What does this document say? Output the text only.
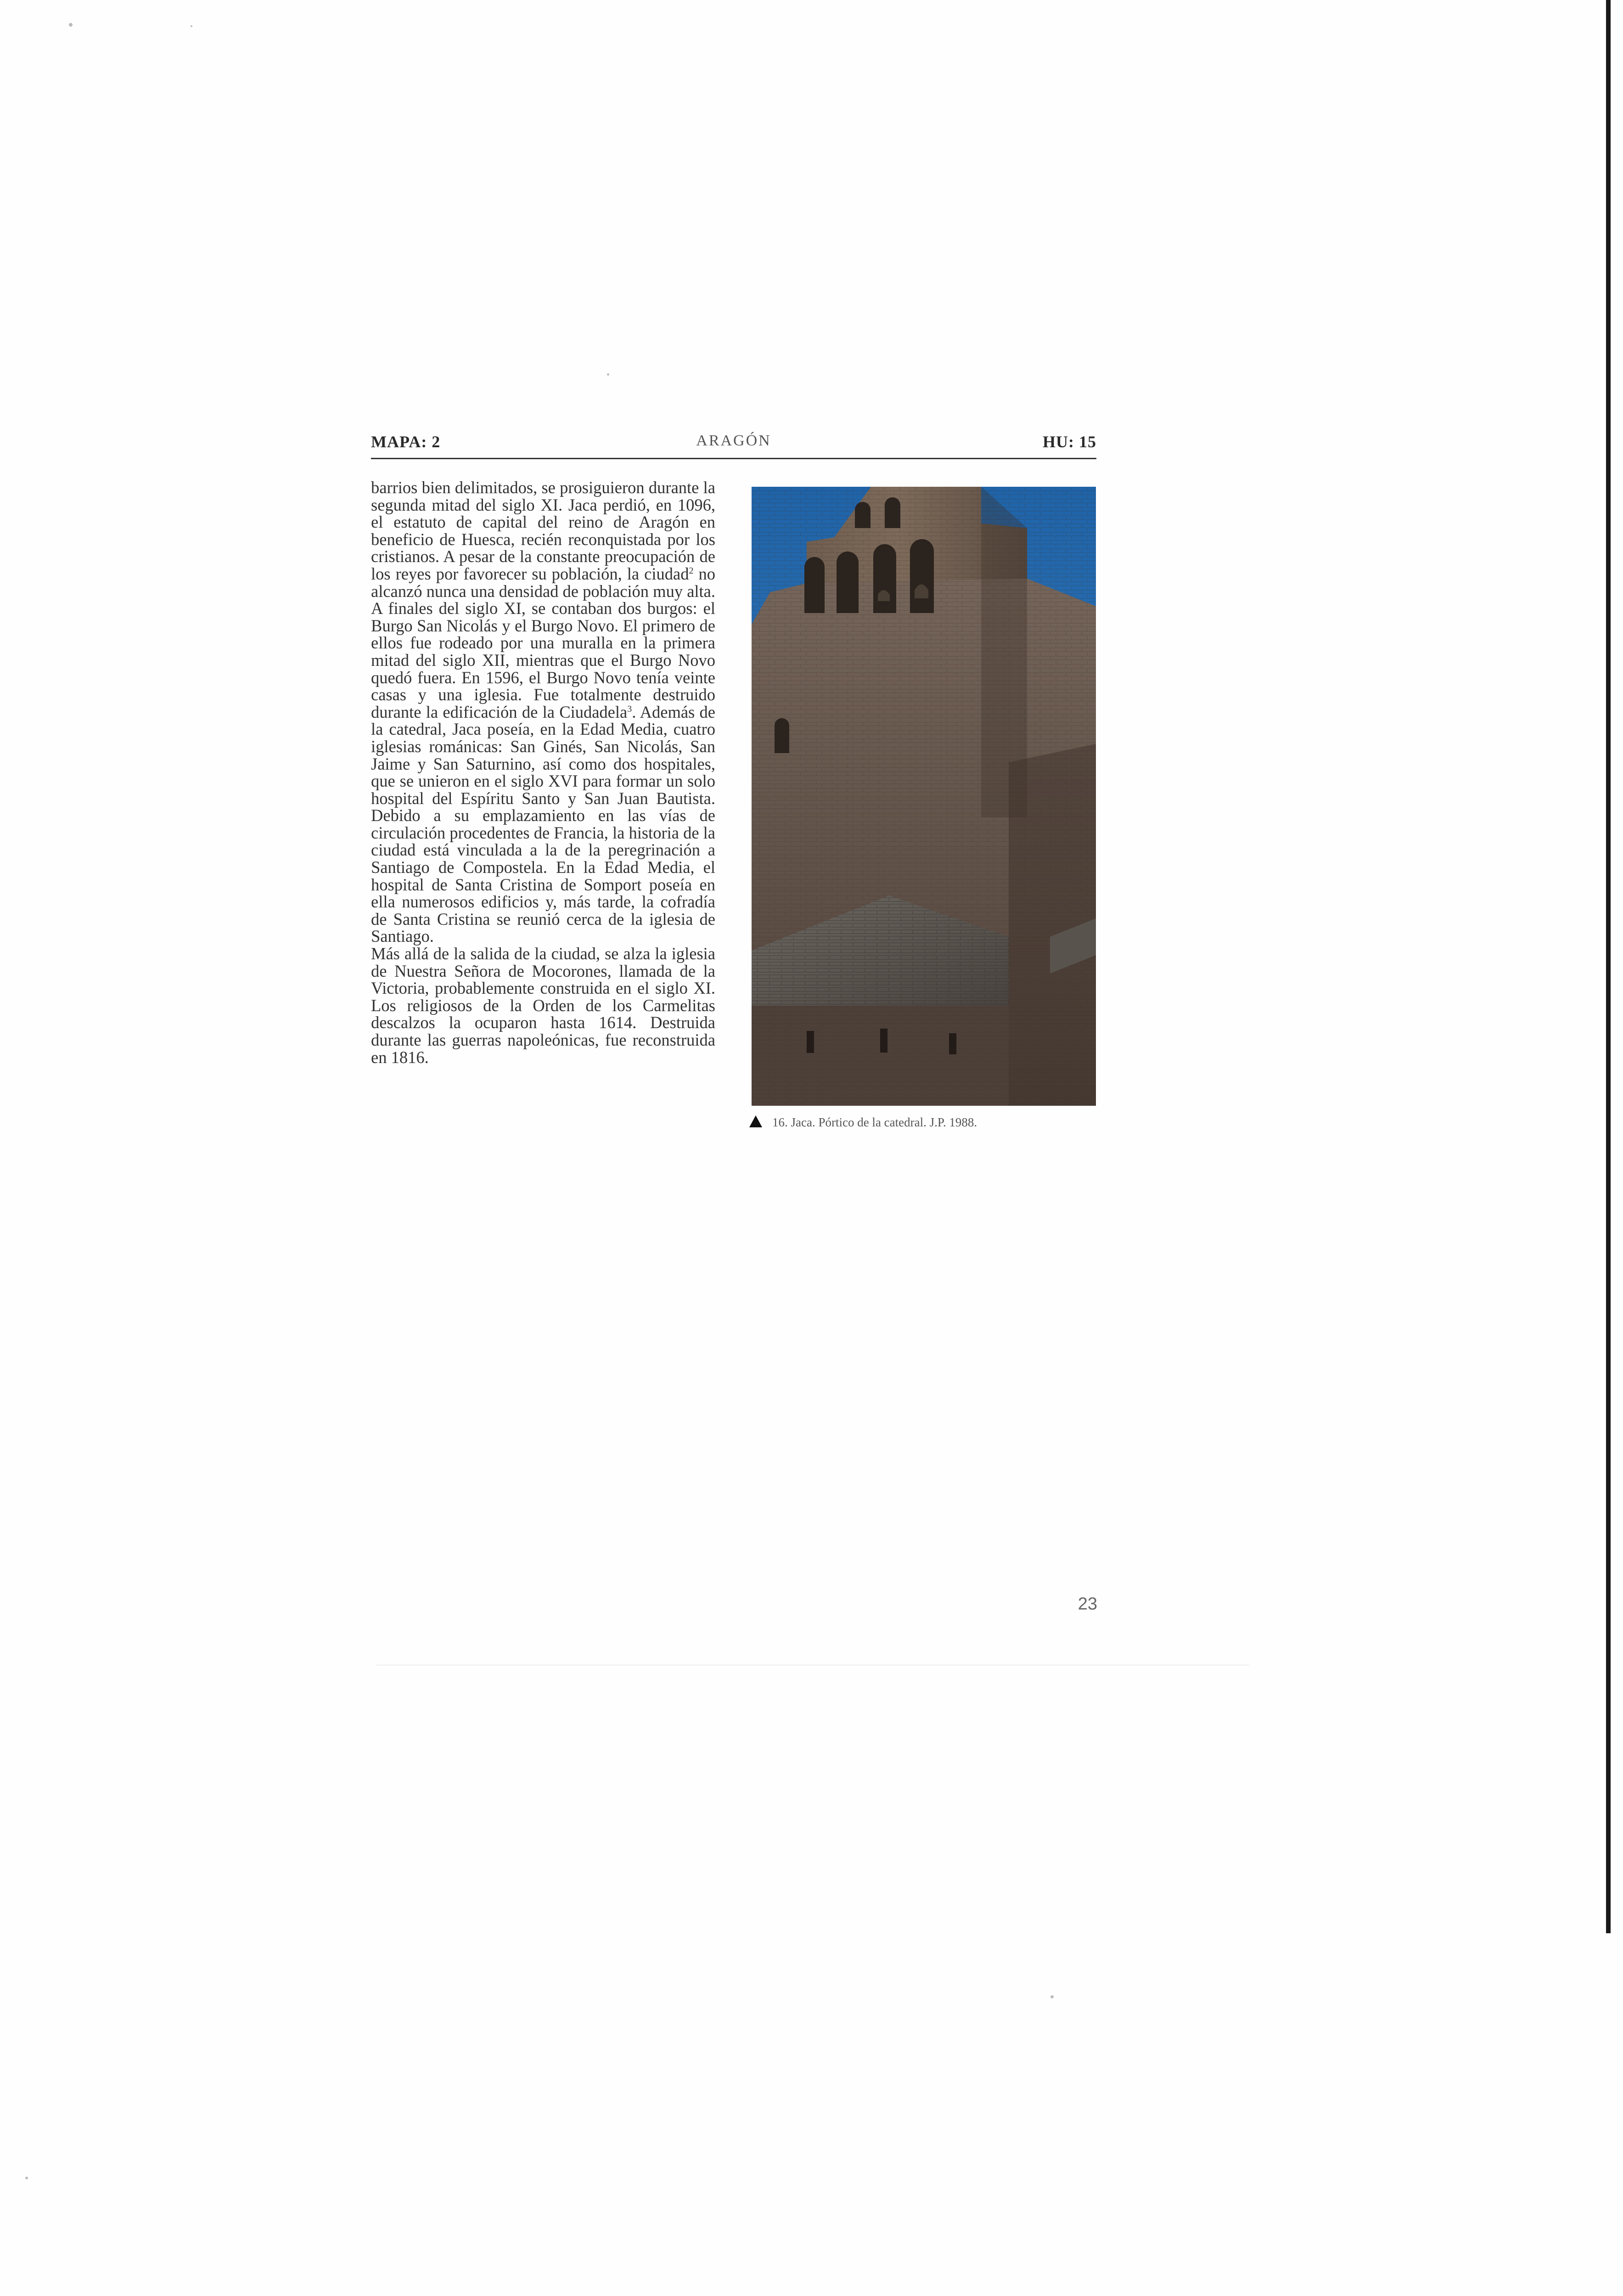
MAPA: 2	ARAGÓN	HU: 15

barrios bien delimitados, se prosiguieron durante la segunda mitad del siglo XI. Jaca perdió, en 1096, el estatuto de capital del reino de Aragón en beneficio de Huesca, recién reconquistada por los cristianos. A pesar de la constante preocupación de los reyes por favorecer su población, la ciudad$^2$ no alcanzó nunca una densidad de población muy alta. A finales del siglo XI, se contaban dos burgos: el Burgo San Nicolás y el Burgo Novo. El primero de ellos fue rodeado por una muralla en la primera mitad del siglo XII, mientras que el Burgo Novo quedó fuera. En 1596, el Burgo Novo tenía veinte casas y una iglesia. Fue totalmente destruido durante la edificación de la Ciudadela$^3$. Además de la catedral, Jaca poseía, en la Edad Media, cuatro iglesias románicas: San Ginés, San Nicolás, San Jaime y San Saturnino, así como dos hospitales, que se unieron en el siglo XVI para formar un solo hospital del Espíritu Santo y San Juan Bautista. Debido a su emplazamiento en las vías de circulación procedentes de Francia, la historia de la ciudad está vinculada a la de la peregrinación a Santiago de Compostela. En la Edad Media, el hospital de Santa Cristina de Somport poseía en ella numerosos edificios y, más tarde, la cofradía de Santa Cristina se reunió cerca de la iglesia de Santiago.

Más allá de la salida de la ciudad, se alza la iglesia de Nuestra Señora de Mocorones, llamada de la Victoria, probablemente construida en el siglo XI. Los religiosos de la Orden de los Carmelitas descalzos la ocuparon hasta 1614. Destruida durante las guerras napoleónicas, fue reconstruida en 1816.

16. Jaca. Pórtico de la catedral. J.P. 1988.
23
